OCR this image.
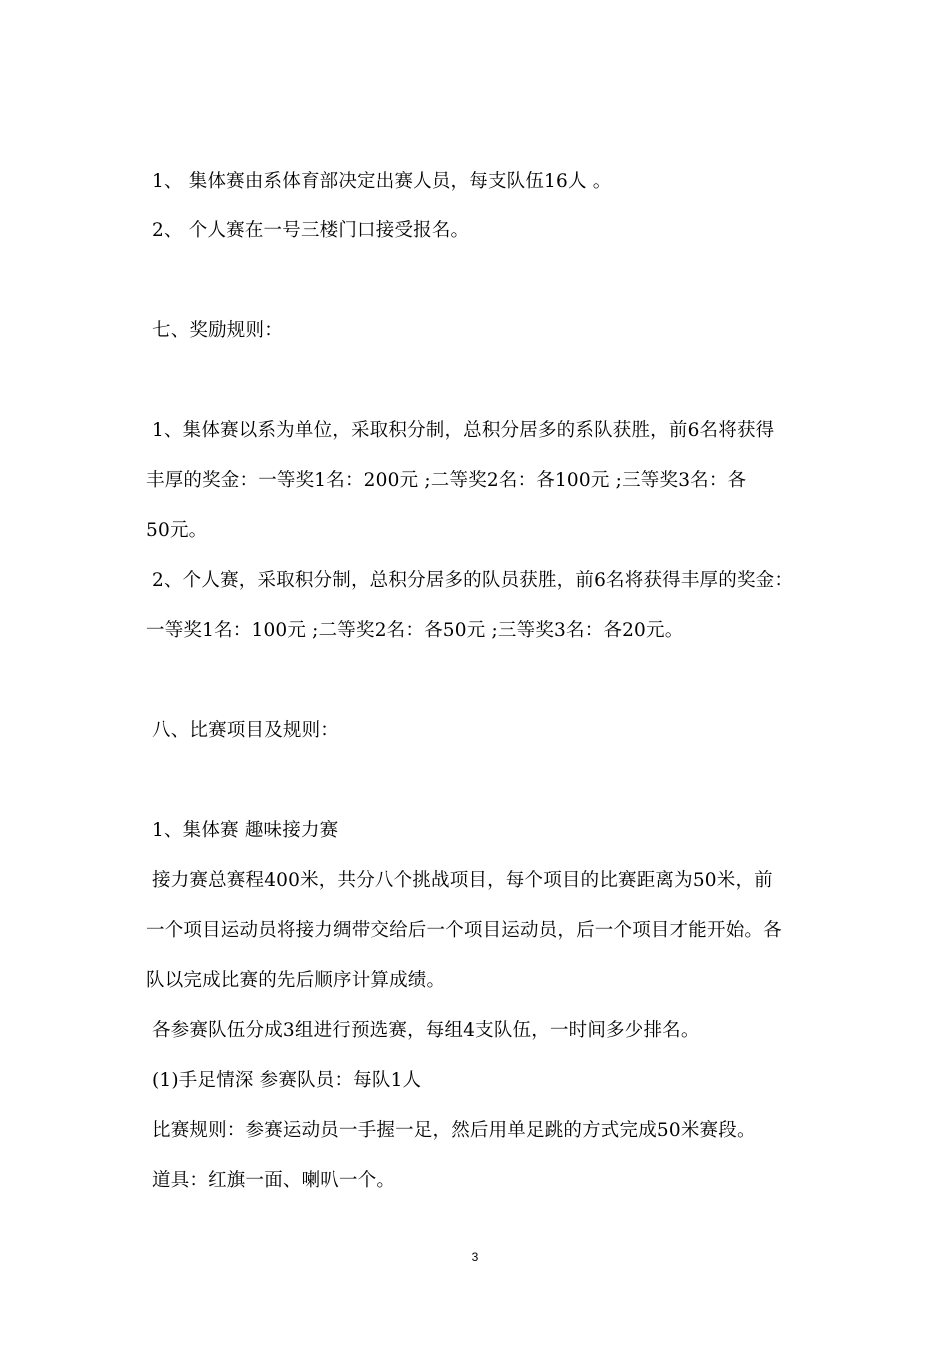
1、 集体赛由系体育部决定出赛人员，每支队伍16人 。
2、 个人赛在一号三楼门口接受报名。
七、奖励规则：
1、集体赛以系为单位，采取积分制，总积分居多的系队获胜，前6名将获得
丰厚的奖金：一等奖1名：200元 ;二等奖2名：各100元 ;三等奖3名：各
50元。
2、个人赛，采取积分制，总积分居多的队员获胜，前6名将获得丰厚的奖金：
一等奖1名：100元 ;二等奖2名：各50元 ;三等奖3名：各20元。
八、比赛项目及规则：
1、集体赛 趣味接力赛
接力赛总赛程400米，共分八个挑战项目，每个项目的比赛距离为50米，前
一个项目运动员将接力绸带交给后一个项目运动员，后一个项目才能开始。各
队以完成比赛的先后顺序计算成绩。
各参赛队伍分成3组进行预选赛，每组4支队伍，一时间多少排名。
(1)手足情深 参赛队员：每队1人
比赛规则：参赛运动员一手握一足，然后用单足跳的方式完成50米赛段。
道具：红旗一面、喇叭一个。
3
